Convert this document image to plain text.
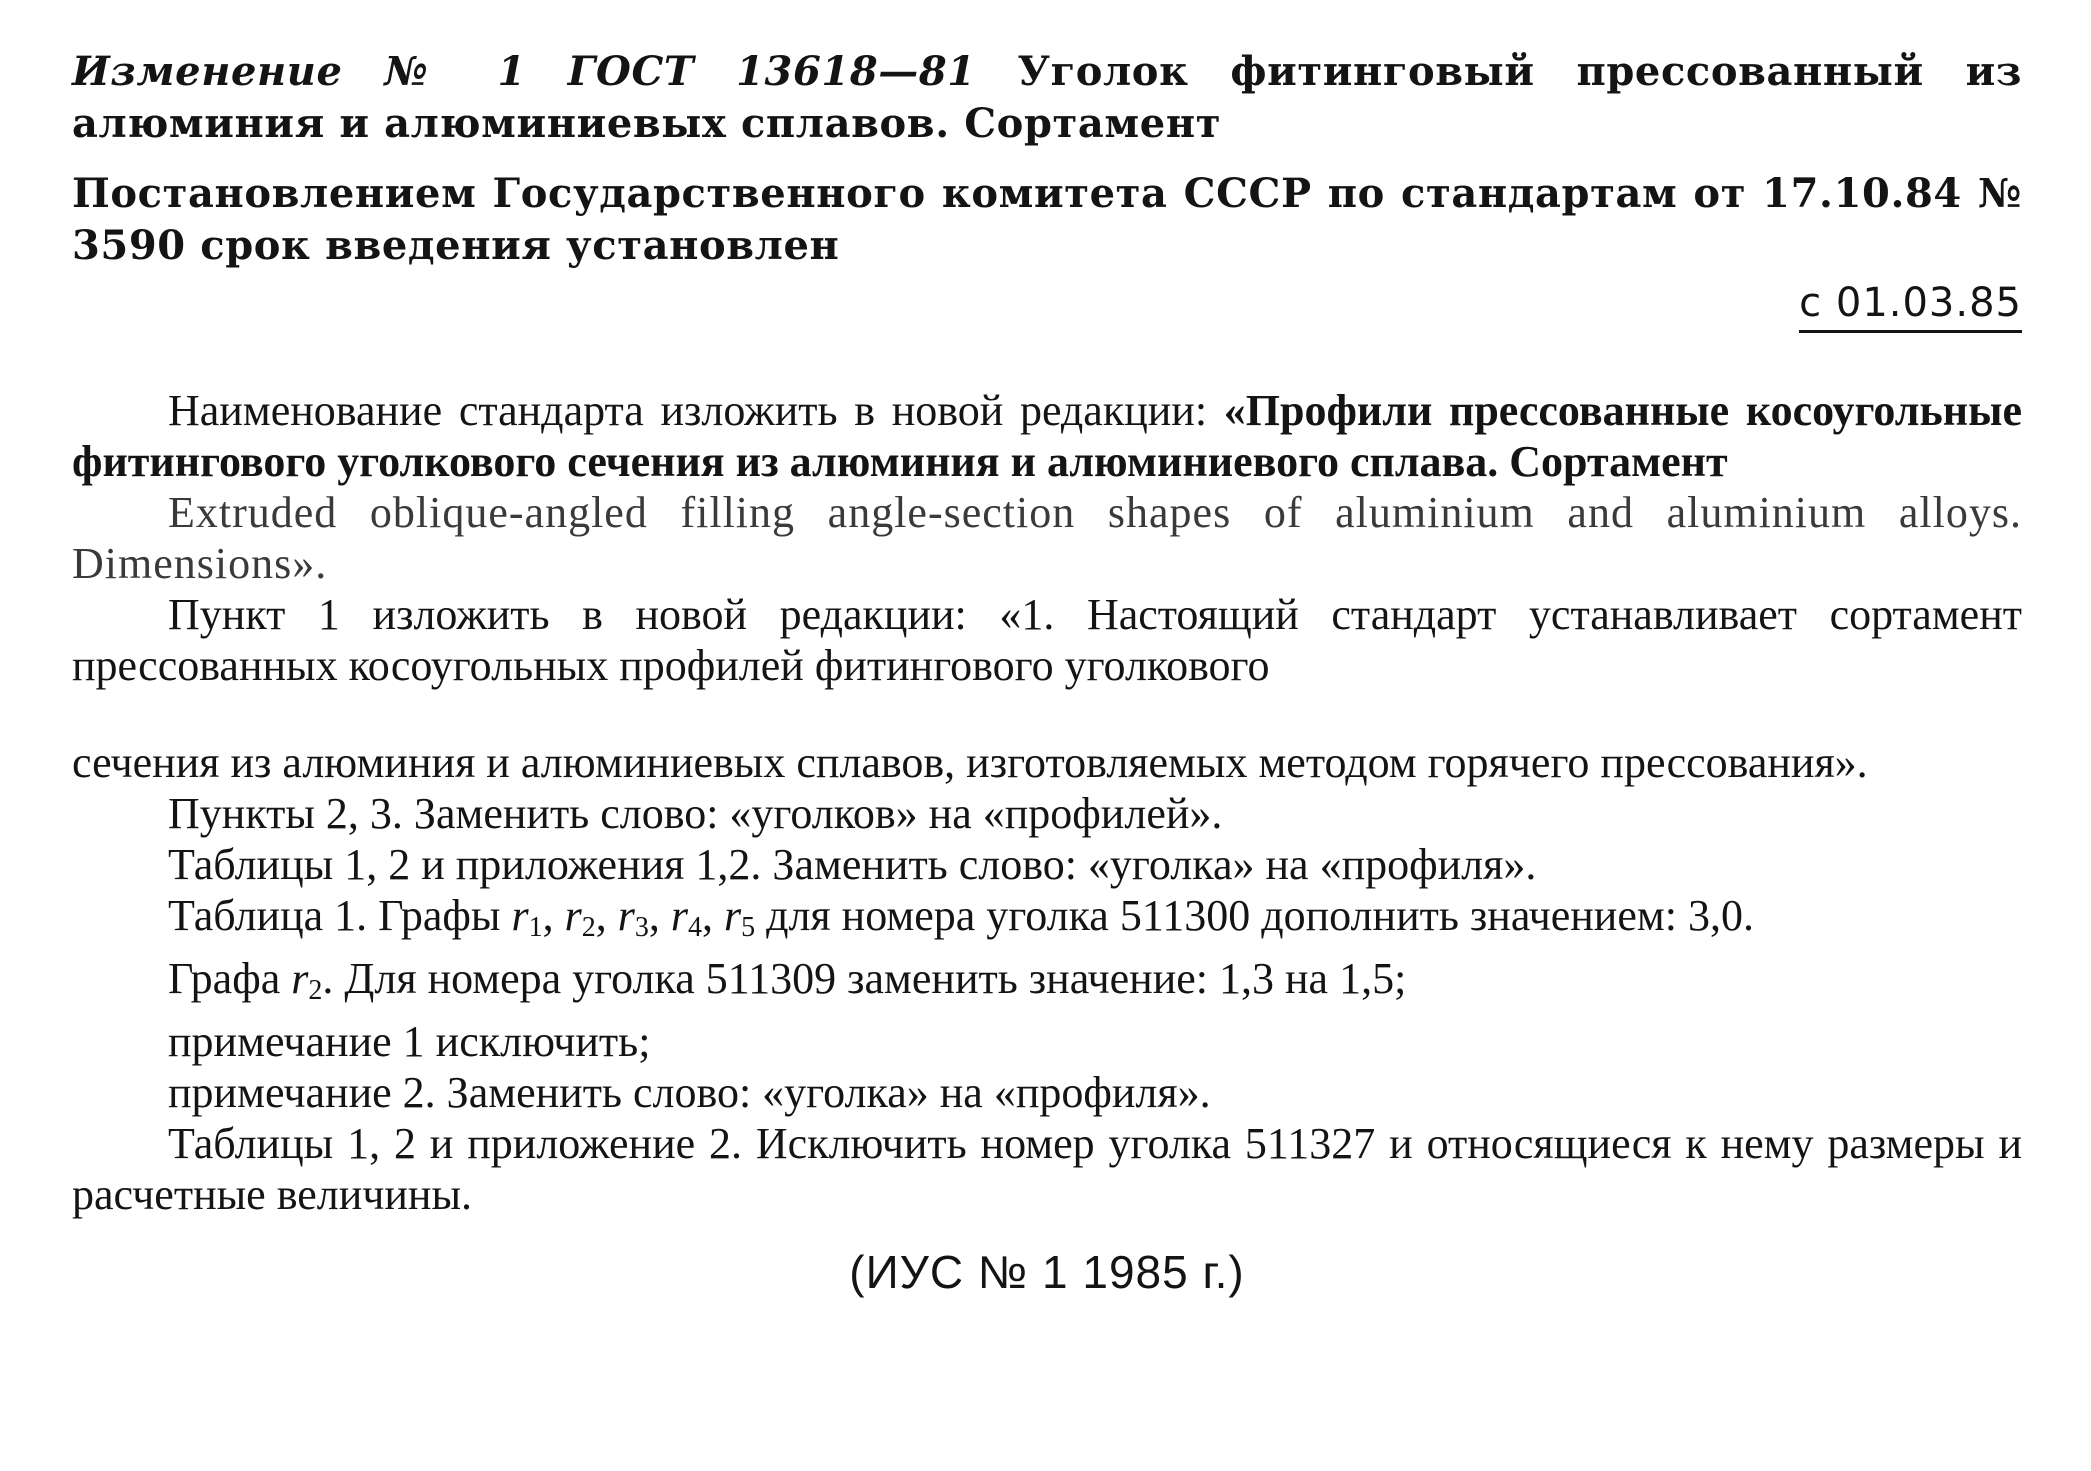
Изменение № 1 ГОСТ 13618—81 Уголок фитинговый прессованный из алюминия и алюминиевых сплавов. Сортамент

Постановлением Государственного комитета СССР по стандартам от 17.10.84 № 3590 срок введения установлен

с 01.03.85

Наименование стандарта изложить в новой редакции: «Профили прессованные косоугольные фитингового уголкового сечения из алюминия и алюминиевого сплава. Сортамент

Extruded oblique-angled filling angle-section shapes of aluminium and aluminium alloys. Dimensions».

Пункт 1 изложить в новой редакции: «1. Настоящий стандарт устанавливает сортамент прессованных косоугольных профилей фитингового уголкового

сечения из алюминия и алюминиевых сплавов, изготовляемых методом горячего прессования».

Пункты 2, 3. Заменить слово: «уголков» на «профилей».

Таблицы 1, 2 и приложения 1,2. Заменить слово: «уголка» на «профиля».

Таблица 1. Графы $r_1$, $r_2$, $r_3$, $r_4$, $r_5$ для номера уголка 511300 дополнить значением: 3,0.

Графа $r_2$. Для номера уголка 511309 заменить значение: 1,3 на 1,5;

примечание 1 исключить;

примечание 2. Заменить слово: «уголка» на «профиля».

Таблицы 1, 2 и приложение 2. Исключить номер уголка 511327 и относящиеся к нему размеры и расчетные величины.

(ИУС № 1 1985 г.)
